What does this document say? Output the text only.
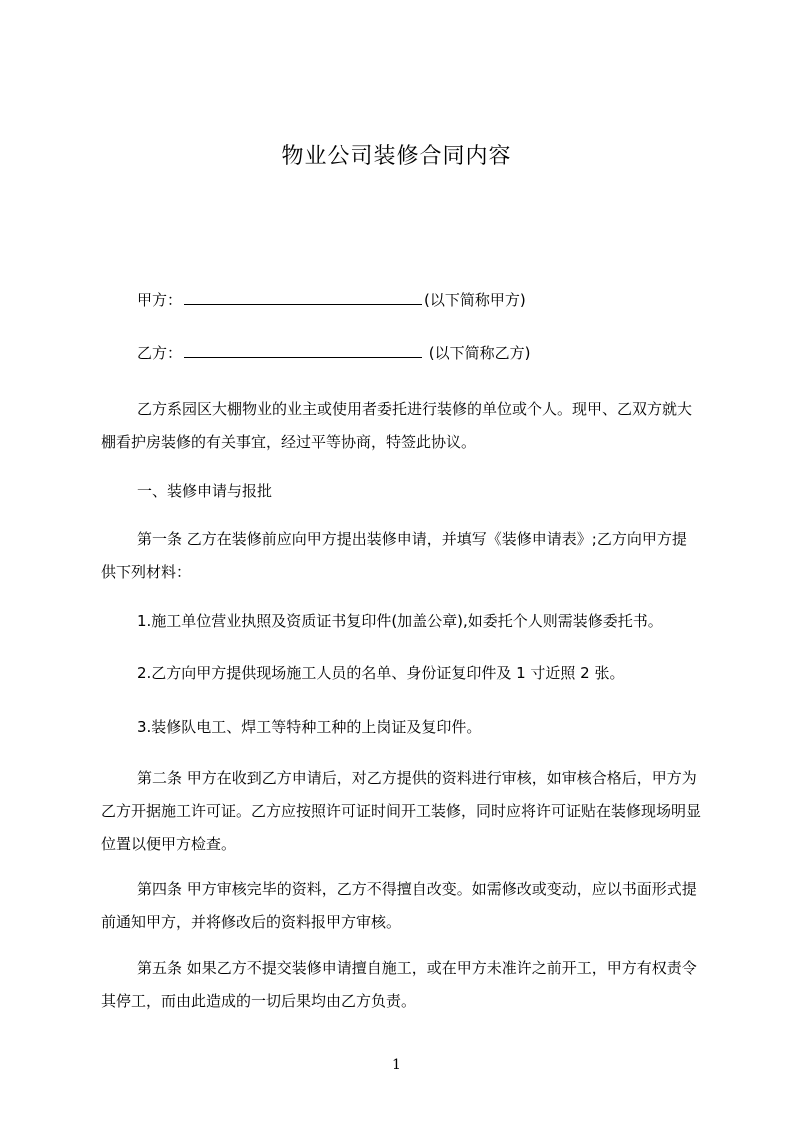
物业公司装修合同内容
甲方：	(以下简称甲方)
乙方：	(以下简称乙方)
乙方系园区大棚物业的业主或使用者委托进行装修的单位或个人。现甲、乙双方就大棚看护房装修的有关事宜，经过平等协商，特签此协议。
一、装修申请与报批
第一条 乙方在装修前应向甲方提出装修申请，并填写《装修申请表》;乙方向甲方提供下列材料：
1.施工单位营业执照及资质证书复印件(加盖公章),如委托个人则需装修委托书。
2.乙方向甲方提供现场施工人员的名单、身份证复印件及 1 寸近照 2 张。
3.装修队电工、焊工等特种工种的上岗证及复印件。
第二条 甲方在收到乙方申请后，对乙方提供的资料进行审核，如审核合格后，甲方为乙方开据施工许可证。乙方应按照许可证时间开工装修，同时应将许可证贴在装修现场明显位置以便甲方检查。
第四条 甲方审核完毕的资料，乙方不得擅自改变。如需修改或变动，应以书面形式提前通知甲方，并将修改后的资料报甲方审核。
第五条 如果乙方不提交装修申请擅自施工，或在甲方未准许之前开工，甲方有权责令其停工，而由此造成的一切后果均由乙方负责。
1
